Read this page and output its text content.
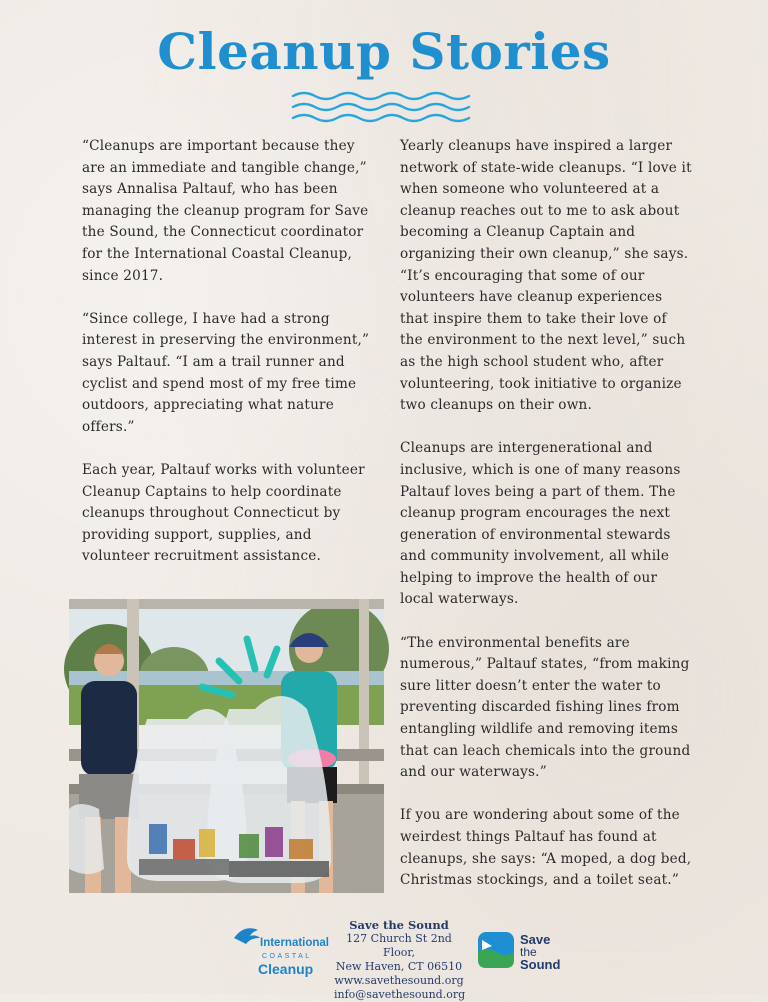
Cleanup Stories

“Cleanups are important because they are an immediate and tangible change,” says Annalisa Paltauf, who has been managing the cleanup program for Save the Sound, the Connecticut coordinator for the International Coastal Cleanup, since 2017.

“Since college, I have had a strong interest in preserving the environment,” says Paltauf. “I am a trail runner and cyclist and spend most of my free time outdoors, appreciating what nature offers.”

Each year, Paltauf works with volunteer Cleanup Captains to help coordinate cleanups throughout Connecticut by providing support, supplies, and volunteer recruitment assistance.

Yearly cleanups have inspired a larger network of state-wide cleanups. “I love it when someone who volunteered at a cleanup reaches out to me to ask about becoming a Cleanup Captain and organizing their own cleanup,” she says. “It’s encouraging that some of our volunteers have cleanup experiences that inspire them to take their love of the environment to the next level,” such as the high school student who, after volunteering, took initiative to organize two cleanups on their own.

Cleanups are intergenerational and inclusive, which is one of many reasons Paltauf loves being a part of them. The cleanup program encourages the next generation of environmental stewards and community involvement, all while helping to improve the health of our local waterways.

“The environmental benefits are numerous,” Paltauf states, “from making sure litter doesn’t enter the water to preventing discarded fishing lines from entangling wildlife and removing items that can leach chemicals into the ground and our waterways.”

If you are wondering about some of the weirdest things Paltauf has found at cleanups, she says: “A moped, a dog bed, Christmas stockings, and a toilet seat.”

International
COASTAL
Cleanup
Save the Sound
127 Church St 2nd Floor,
New Haven, CT 06510
www.savethesound.org
info@savethesound.org
Save
the
Sound
